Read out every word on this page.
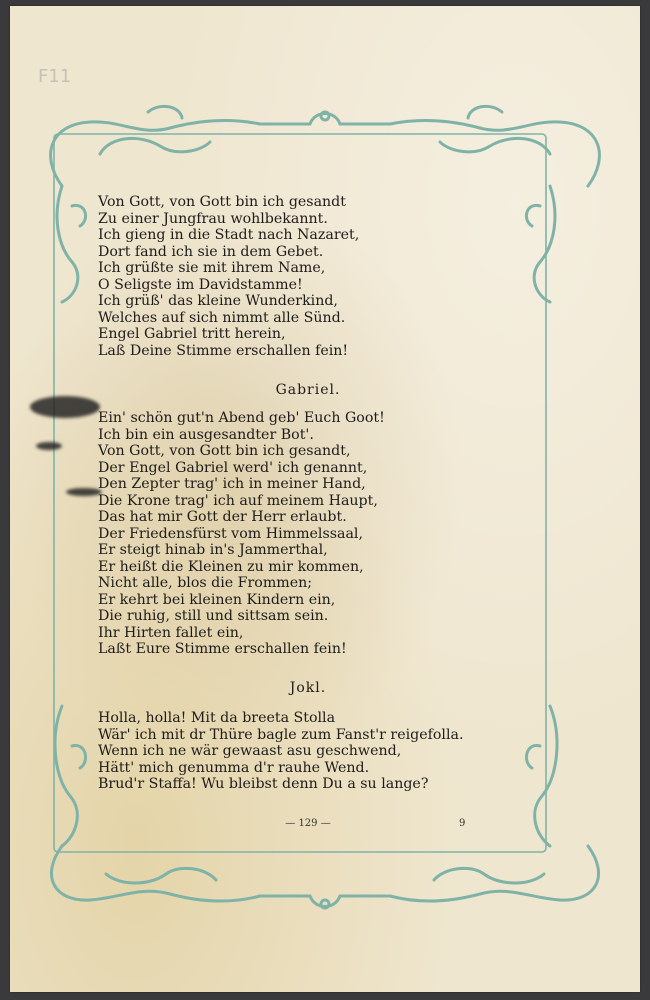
F11
Von Gott, von Gott bin ich gesandt
Zu einer Jungfrau wohlbekannt.
Ich gieng in die Stadt nach Nazaret,
Dort fand ich sie in dem Gebet.
Ich grüßte sie mit ihrem Name,
O Seligste im Davidstamme!
Ich grüß' das kleine Wunderkind,
Welches auf sich nimmt alle Sünd.
Engel Gabriel tritt herein,
Laß Deine Stimme erschallen fein!
Gabriel.
Ein' schön gut'n Abend geb' Euch Goot!
Ich bin ein ausgesandter Bot'.
Von Gott, von Gott bin ich gesandt,
Der Engel Gabriel werd' ich genannt,
Den Zepter trag' ich in meiner Hand,
Die Krone trag' ich auf meinem Haupt,
Das hat mir Gott der Herr erlaubt.
Der Friedensfürst vom Himmelssaal,
Er steigt hinab in's Jammerthal,
Er heißt die Kleinen zu mir kommen,
Nicht alle, blos die Frommen;
Er kehrt bei kleinen Kindern ein,
Die ruhig, still und sittsam sein.
Ihr Hirten fallet ein,
Laßt Eure Stimme erschallen fein!
Jokl.
Holla, holla! Mit da breeta Stolla
Wär' ich mit dr Thüre bagle zum Fanst'r reigefolla.
Wenn ich ne wär gewaast asu geschwend,
Hätt' mich genumma d'r rauhe Wend.
Brud'r Staffa! Wu bleibst denn Du a su lange?
— 129 —	9
